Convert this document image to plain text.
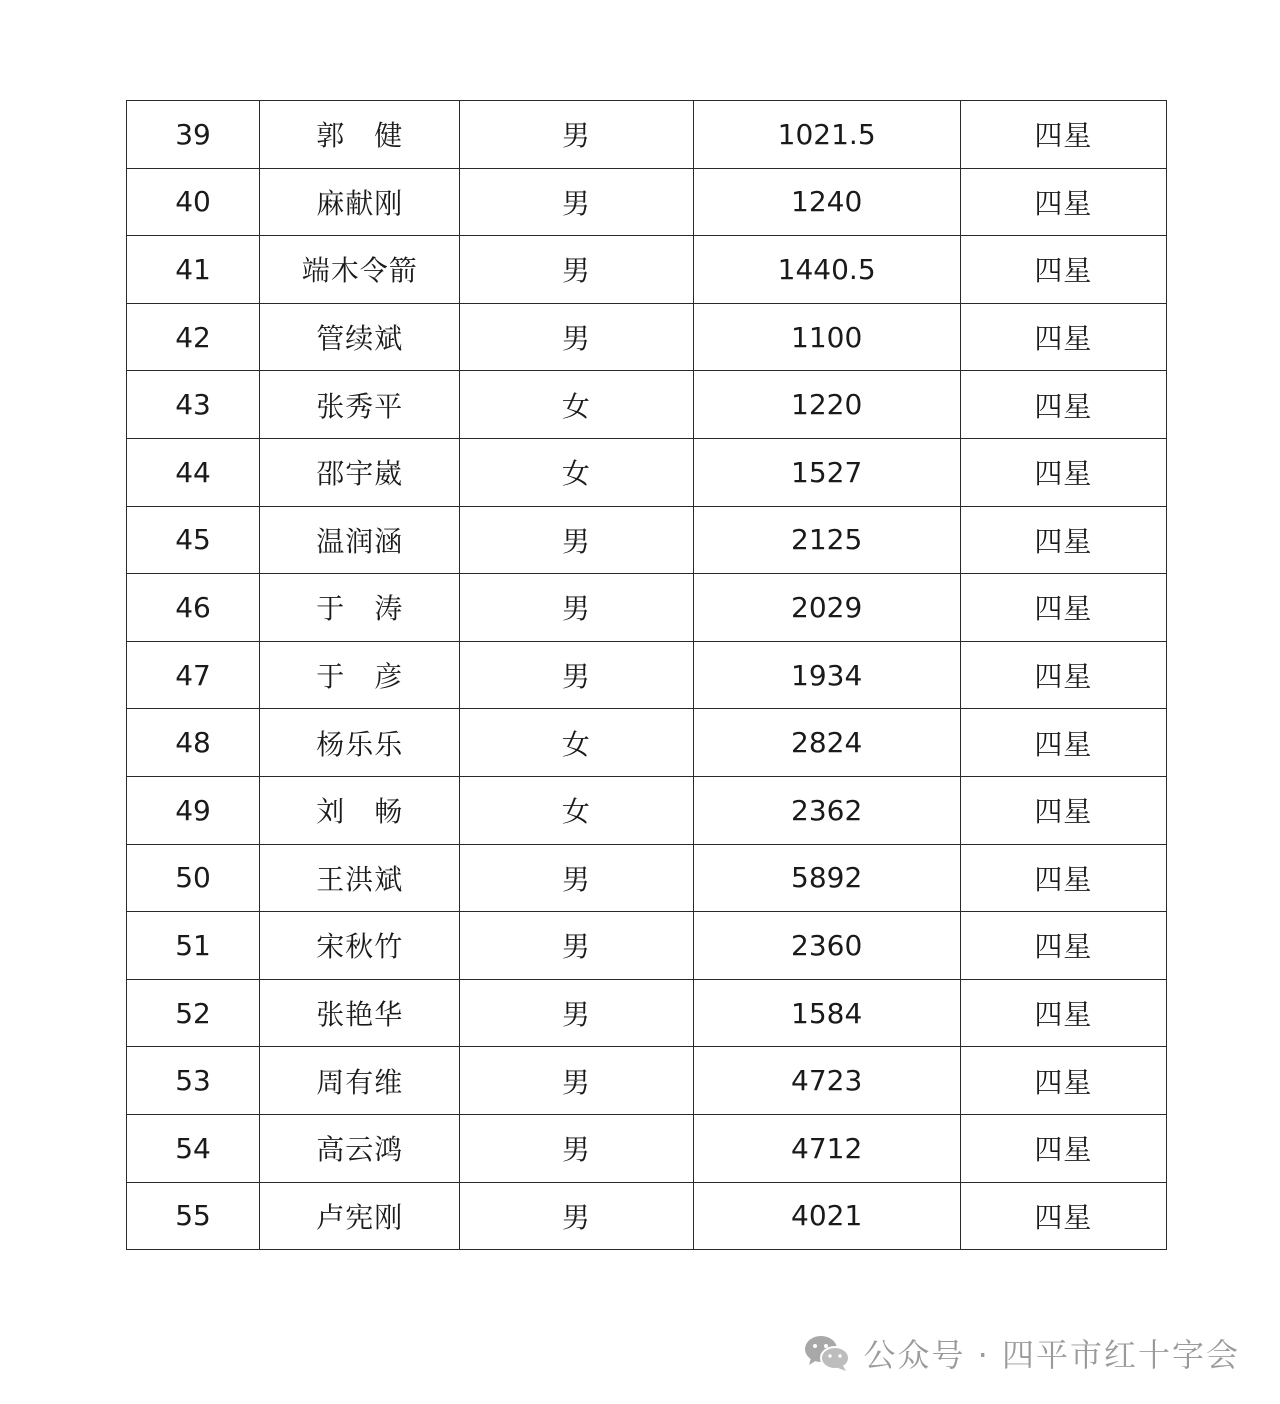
39	郭　健	男	1021.5	四星
40	麻献刚	男	1240	四星
41	端木令箭	男	1440.5	四星
42	管续斌	男	1100	四星
43	张秀平	女	1220	四星
44	邵宇崴	女	1527	四星
45	温润涵	男	2125	四星
46	于　涛	男	2029	四星
47	于　彦	男	1934	四星
48	杨乐乐	女	2824	四星
49	刘　畅	女	2362	四星
50	王洪斌	男	5892	四星
51	宋秋竹	男	2360	四星
52	张艳华	男	1584	四星
53	周有维	男	4723	四星
54	高云鸿	男	4712	四星
55	卢宪刚	男	4021	四星
公众号 · 四平市红十字会
